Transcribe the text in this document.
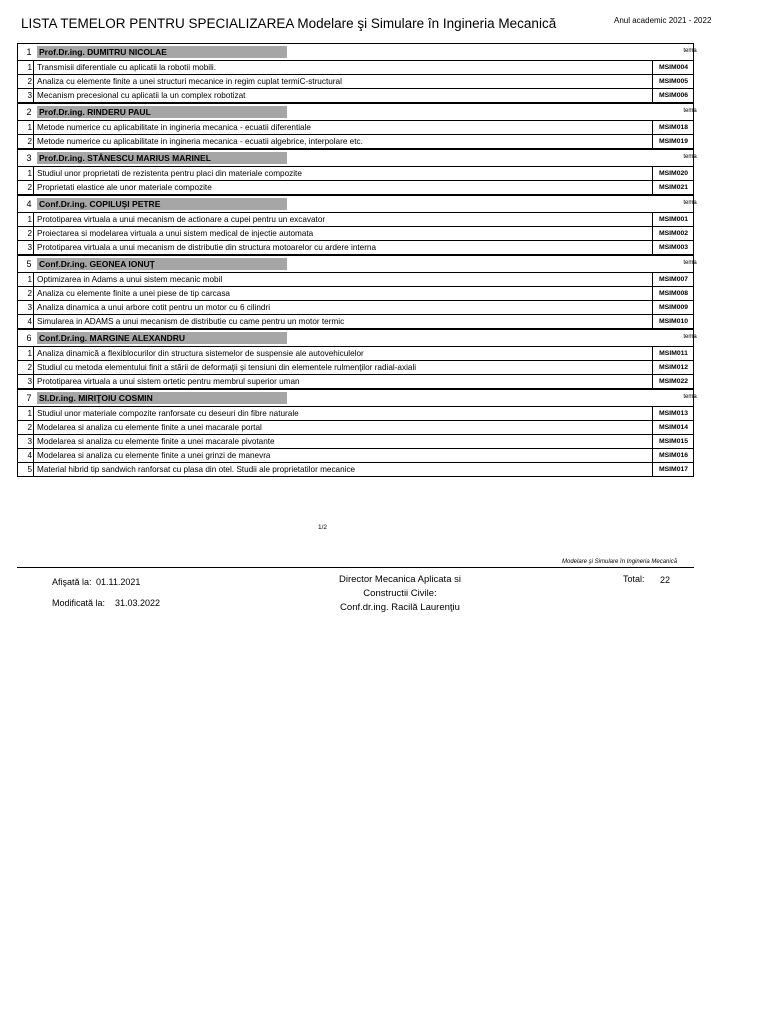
LISTA TEMELOR PENTRU SPECIALIZAREA Modelare şi Simulare în Ingineria Mecanică	Anul academic 2021 - 2022
1 Prof.Dr.ing. DUMITRU NICOLAE	tema
1 Transmisii diferentiale cu aplicatii la robotii mobili.	MSIM004
2 Analiza cu elemente finite a unei structuri mecanice in regim cuplat termiC-structural	MSIM005
3 Mecanism precesional cu aplicatii la un complex robotizat	MSIM006
2 Prof.Dr.ing. RINDERU PAUL	tema
1 Metode numerice cu aplicabilitate in ingineria mecanica - ecuatii diferentiale	MSIM018
2 Metode numerice cu aplicabilitate in ingineria mecanica - ecuatii algebrice, interpolare etc.	MSIM019
3 Prof.Dr.ing. STÂNESCU MARIUS MARINEL	tema
1 Studiul unor proprietati de rezistenta pentru placi din materiale compozite	MSIM020
2 Proprietati elastice ale unor materiale compozite	MSIM021
4 Conf.Dr.ing. COPILUŞI PETRE	tema
1 Prototiparea virtuala a unui mecanism de actionare a cupei pentru un excavator	MSIM001
2 Proiectarea si modelarea virtuala a unui sistem medical de injectie automata	MSIM002
3 Prototiparea virtuala a unui mecanism de distributie din structura motoarelor cu ardere interna	MSIM003
5 Conf.Dr.ing. GEONEA IONUŢ	tema
1 Optimizarea in Adams a unui sistem mecanic mobil	MSIM007
2 Analiza cu elemente finite a unei piese de tip carcasa	MSIM008
3 Analiza dinamica a unui arbore cotit pentru un motor cu 6 cilindri	MSIM009
4 Simularea in ADAMS a unui mecanism de distributie cu came pentru un motor termic	MSIM010
6 Conf.Dr.ing. MARGINE ALEXANDRU	tema
1 Analiza dinamică a flexiblocurilor din structura sistemelor de suspensie ale autovehiculelor	MSIM011
2 Studiul cu metoda elementului finit a stării de deformaţii şi tensiuni din elementele rulmenţilor radial-axiali	MSIM012
3 Prototiparea virtuala a unui sistem ortetic pentru membrul superior uman	MSIM022
7 Sl.Dr.ing. MIRIŢOIU COSMIN	tema
1 Studiul unor materiale compozite ranforsate cu deseuri din fibre naturale	MSIM013
2 Modelarea si analiza cu elemente finite a unei macarale portal	MSIM014
3 Modelarea si analiza cu elemente finite a unei macarale pivotante	MSIM015
4 Modelarea si analiza cu elemente finite a unei grinzi de manevra	MSIM016
5 Material hibrid tip sandwich ranforsat cu plasa din otel. Studii ale proprietatilor mecanice	MSIM017
1/2
Modelare şi Simulare în Ingineria Mecanică
Afişată la: 01.11.2021
Modificată la: 31.03.2022
Director Mecanica Aplicata si
Constructii Civile:
Conf.dr.ing. Racilă Laurenţiu
Total: 22
